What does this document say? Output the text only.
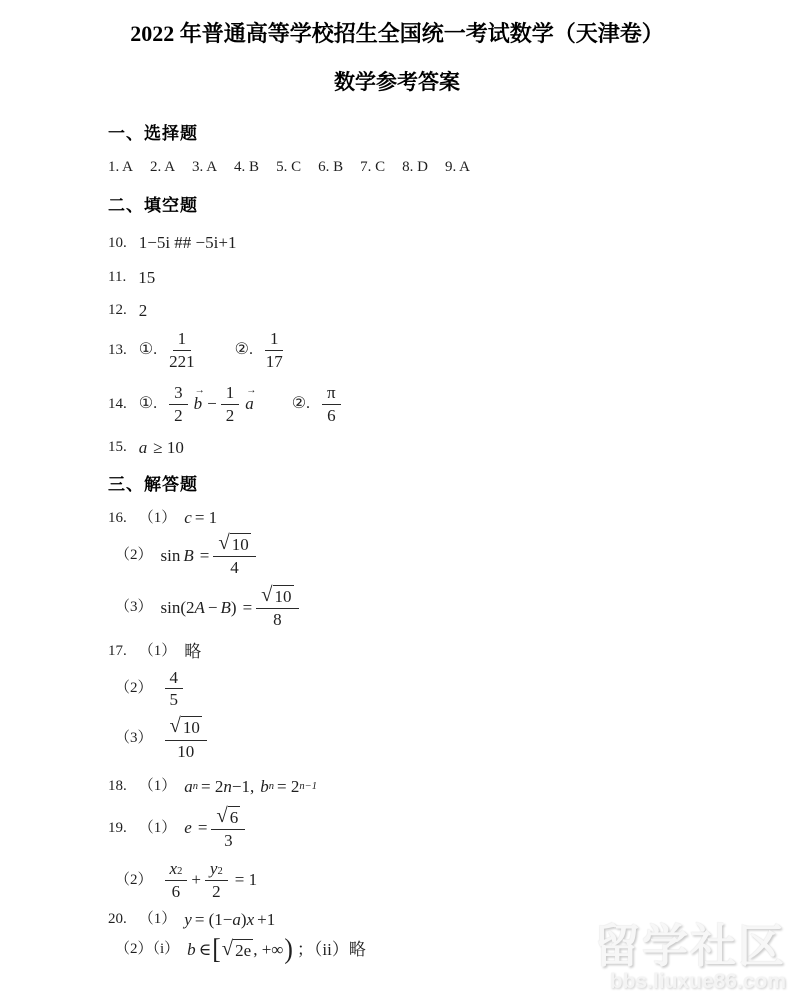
2022 年普通高等学校招生全国统一考试数学（天津卷）
数学参考答案
一、选择题
1. A 2. A 3. A 4. B 5. C 6. B 7. C 8. D 9. A
二、填空题
10. 1−5i ## −5i+1
11. 15
12. 2
13. ①. $\frac{1}{221}$	②. $\frac{1}{17}$
14. ①. $\frac{3}{2}$ →
$b - \frac{1}{2}$ →
a ②. $\frac{\pi}{6}$
15. a ≥ 10
三、解答题
16. （1） c = 1
（2） $\sin B = \frac{√ 10}{4}$
（3） sin(2 A − B ) = $\frac{√ 10}{8}$
17. （1） 略
$(2) \frac{4}{5}$
$(3) \frac{√ 10}{10}$
18. （1） a n = 2 n −1, b n = 2 n−1
19. （1） $e = \frac{√ 6}{3}$
$(2) \frac{x_2}{6} + \frac{y_2}{2} = 1$
20. （1） y = (1− a ) x +1
（2）（i） b ∈ [ √ 2e , +∞ ) ；（ii）略	留学社区
bbs.liuxue86.com
